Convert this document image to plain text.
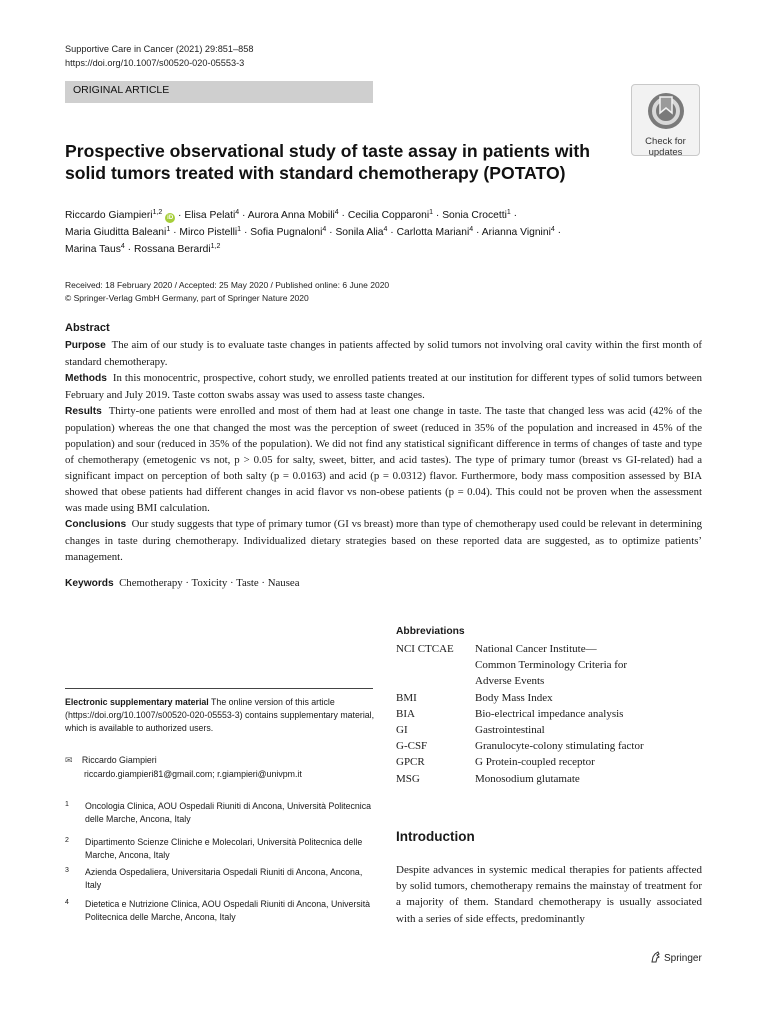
Supportive Care in Cancer (2021) 29:851–858
https://doi.org/10.1007/s00520-020-05553-3
ORIGINAL ARTICLE
Check for
updates
Prospective observational study of taste assay in patients with solid tumors treated with standard chemotherapy (POTATO)
Riccardo Giampieri$^{1,2}$ iD · Elisa Pelati$^4$ · Aurora Anna Mobili$^4$ · Cecilia Copparoni$^1$ · Sonia Crocetti$^1$ ·
Maria Giuditta Baleani$^1$ · Mirco Pistelli$^1$ · Sofia Pugnaloni$^4$ · Sonila Alia$^4$ · Carlotta Mariani$^4$ · Arianna Vignini$^4$ ·
Marina Taus$^4$ · Rossana Berardi$^{1,2}$
Received: 18 February 2020 / Accepted: 25 May 2020 / Published online: 6 June 2020
© Springer-Verlag GmbH Germany, part of Springer Nature 2020
Abstract

Purpose The aim of our study is to evaluate taste changes in patients affected by solid tumors not involving oral cavity within the first month of standard chemotherapy.

Methods In this monocentric, prospective, cohort study, we enrolled patients treated at our institution for different types of solid tumors between February and July 2019. Taste cotton swabs assay was used to assess taste changes.

Results Thirty-one patients were enrolled and most of them had at least one change in taste. The taste that changed less was acid (42% of the population) whereas the one that changed the most was the perception of sweet (reduced in 35% of the population and increased in 45% of the population) and sour (reduced in 35% of the population). We did not find any statistical significant difference in terms of changes of taste and type of chemotherapy (emetogenic vs not, p > 0.05 for salty, sweet, bitter, and acid tastes). The type of primary tumor (breast vs GI-related) had a significant impact on perception of both salty (p = 0.0163) and acid (p = 0.0312) flavor. Furthermore, body mass composition assessed by BIA showed that obese patients had different changes in acid flavor vs non-obese patients (p = 0.04). This could not be proven when the assessment was made using BMI calculation.

Conclusions Our study suggests that type of primary tumor (GI vs breast) more than type of chemotherapy used could be relevant in determining changes in taste during chemotherapy. Individualized dietary strategies based on these reported data are suggested, as to optimize patients’ management.

Keywords Chemotherapy · Toxicity · Taste · Nausea
Electronic supplementary material The online version of this article (https://doi.org/10.1007/s00520-020-05553-3) contains supplementary material, which is available to authorized users.
✉ Riccardo Giampieri
riccardo.giampieri81@gmail.com; r.giampieri@univpm.it
1	Oncologia Clinica, AOU Ospedali Riuniti di Ancona, Università Politecnica delle Marche, Ancona, Italy
2	Dipartimento Scienze Cliniche e Molecolari, Università Politecnica delle Marche, Ancona, Italy
3	Azienda Ospedaliera, Universitaria Ospedali Riuniti di Ancona, Ancona, Italy
4	Dietetica e Nutrizione Clinica, AOU Ospedali Riuniti di Ancona, Università Politecnica delle Marche, Ancona, Italy
Abbreviations
NCI CTCAE	National Cancer Institute—Common Terminology Criteria for Adverse Events
BMI	Body Mass Index
BIA	Bio-electrical impedance analysis
GI	Gastrointestinal
G-CSF	Granulocyte-colony stimulating factor
GPCR	G Protein-coupled receptor
MSG	Monosodium glutamate
Introduction
Despite advances in systemic medical therapies for patients affected by solid tumors, chemotherapy remains the mainstay of treatment for a majority of them. Standard chemotherapy is usually associated with a series of side effects, predominantly
Springer
